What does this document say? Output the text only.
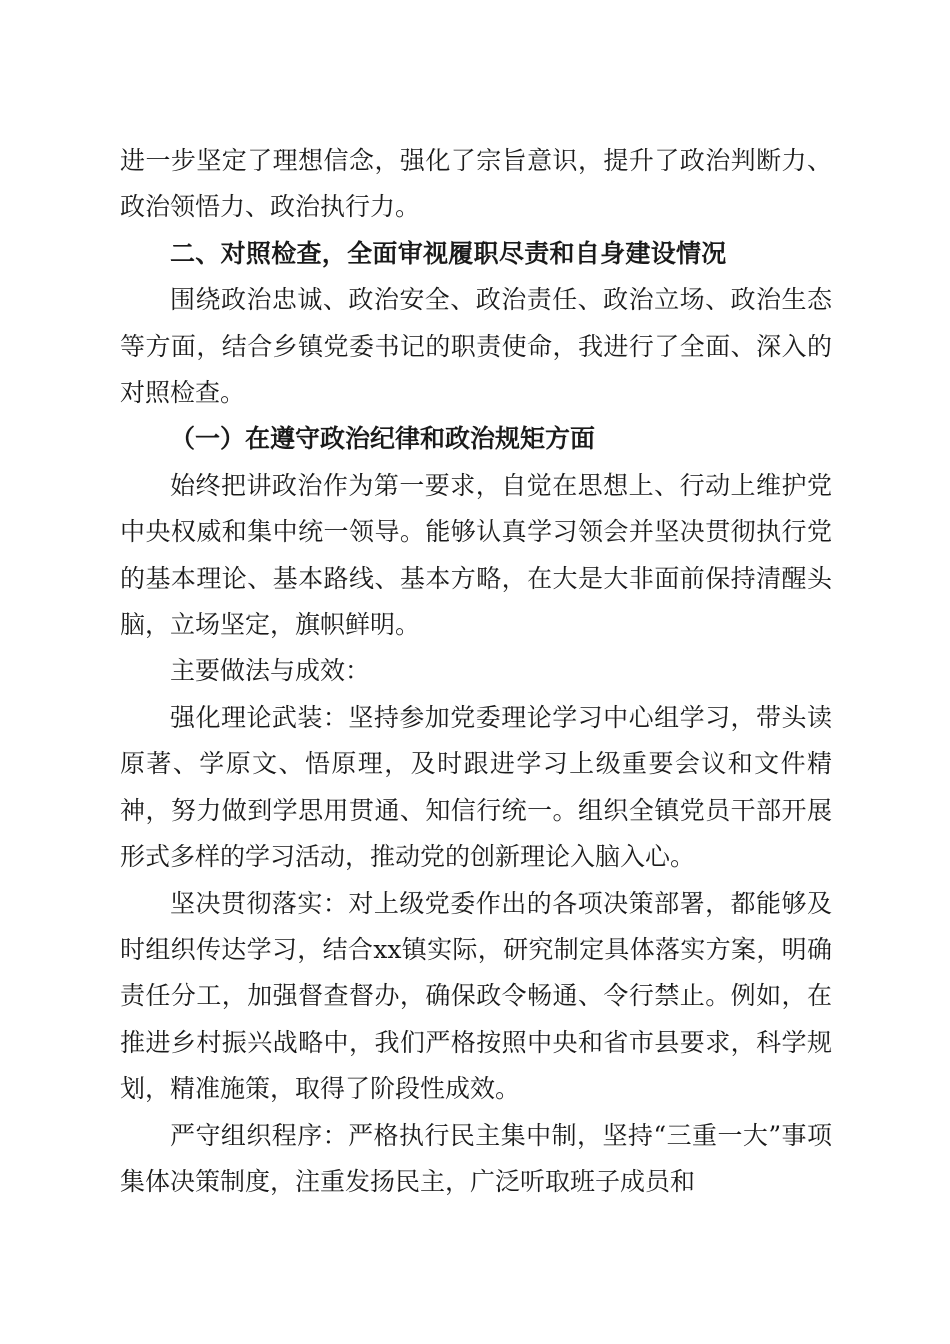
进一步坚定了理想信念，强化了宗旨意识，提升了政治判断力、政治领悟力、政治执行力。

二、对照检查，全面审视履职尽责和自身建设情况

围绕政治忠诚、政治安全、政治责任、政治立场、政治生态等方面，结合乡镇党委书记的职责使命，我进行了全面、深入的对照检查。

（一）在遵守政治纪律和政治规矩方面

始终把讲政治作为第一要求，自觉在思想上、行动上维护党中央权威和集中统一领导。能够认真学习领会并坚决贯彻执行党的基本理论、基本路线、基本方略，在大是大非面前保持清醒头脑，立场坚定，旗帜鲜明。

主要做法与成效：

强化理论武装：坚持参加党委理论学习中心组学习，带头读原著、学原文、悟原理，及时跟进学习上级重要会议和文件精神，努力做到学思用贯通、知信行统一。组织全镇党员干部开展形式多样的学习活动，推动党的创新理论入脑入心。

坚决贯彻落实：对上级党委作出的各项决策部署，都能够及时组织传达学习，结合xx镇实际，研究制定具体落实方案，明确责任分工，加强督查督办，确保政令畅通、令行禁止。例如，在推进乡村振兴战略中，我们严格按照中央和省市县要求，科学规划，精准施策，取得了阶段性成效。

严守组织程序：严格执行民主集中制，坚持“三重一大”事项集体决策制度，注重发扬民主，广泛听取班子成员和
